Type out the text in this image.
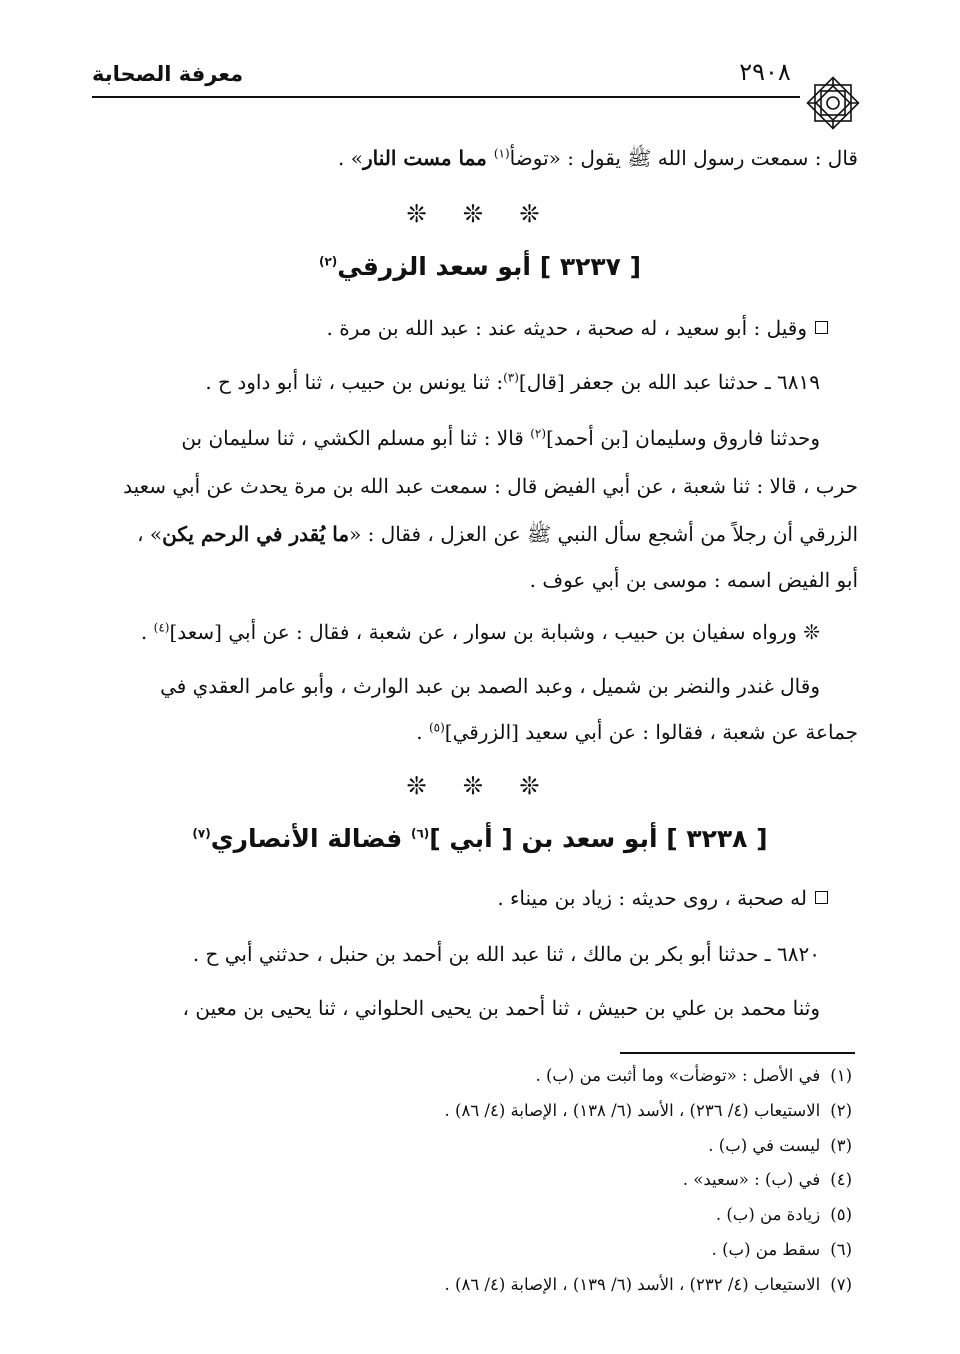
معرفة الصحابة	٢٩٠٨
قال : سمعت رسول الله ﷺ يقول : «توضأ$^{(١)}$ مما مست النار» .
❊ ❊ ❊
[ ٣٢٣٧ ] أبو سعد الزرقي$^{(٢)}$
وقيل : أبو سعيد ، له صحبة ، حديثه عند : عبد الله بن مرة .
٦٨١٩ ـ حدثنا عبد الله بن جعفر [قال]$^{(٣)}$: ثنا يونس بن حبيب ، ثنا أبو داود ح .
وحدثنا فاروق وسليمان [بن أحمد]$^{(٢)}$ قالا : ثنا أبو مسلم الكشي ، ثنا سليمان بن
حرب ، قالا : ثنا شعبة ، عن أبي الفيض قال : سمعت عبد الله بن مرة يحدث عن أبي سعيد
الزرقي أن رجلاً من أشجع سأل النبي ﷺ عن العزل ، فقال : «ما يُقدر في الرحم يكن» ،
أبو الفيض اسمه : موسى بن أبي عوف .
❊ ورواه سفيان بن حبيب ، وشبابة بن سوار ، عن شعبة ، فقال : عن أبي [سعد]$^{(٤)}$ .
وقال غندر والنضر بن شميل ، وعبد الصمد بن عبد الوارث ، وأبو عامر العقدي في
جماعة عن شعبة ، فقالوا : عن أبي سعيد [الزرقي]$^{(٥)}$ .
❊ ❊ ❊
[ ٣٢٣٨ ] أبو سعد بن [ أبي ]$^{(٦)}$ فضالة الأنصاري$^{(٧)}$
له صحبة ، روى حديثه : زياد بن ميناء .
٦٨٢٠ ـ حدثنا أبو بكر بن مالك ، ثنا عبد الله بن أحمد بن حنبل ، حدثني أبي ح .
وثنا محمد بن علي بن حبيش ، ثنا أحمد بن يحيى الحلواني ، ثنا يحيى بن معين ،
(١)في الأصل : «توضأت» وما أثبت من (ب) .
(٢)الاستيعاب (٤/ ٢٣٦) ، الأسد (٦/ ١٣٨) ، الإصابة (٤/ ٨٦) .
(٣)ليست في (ب) .
(٤)في (ب) : «سعيد» .
(٥)زيادة من (ب) .
(٦)سقط من (ب) .
(٧)الاستيعاب (٤/ ٢٣٢) ، الأسد (٦/ ١٣٩) ، الإصابة (٤/ ٨٦) .
